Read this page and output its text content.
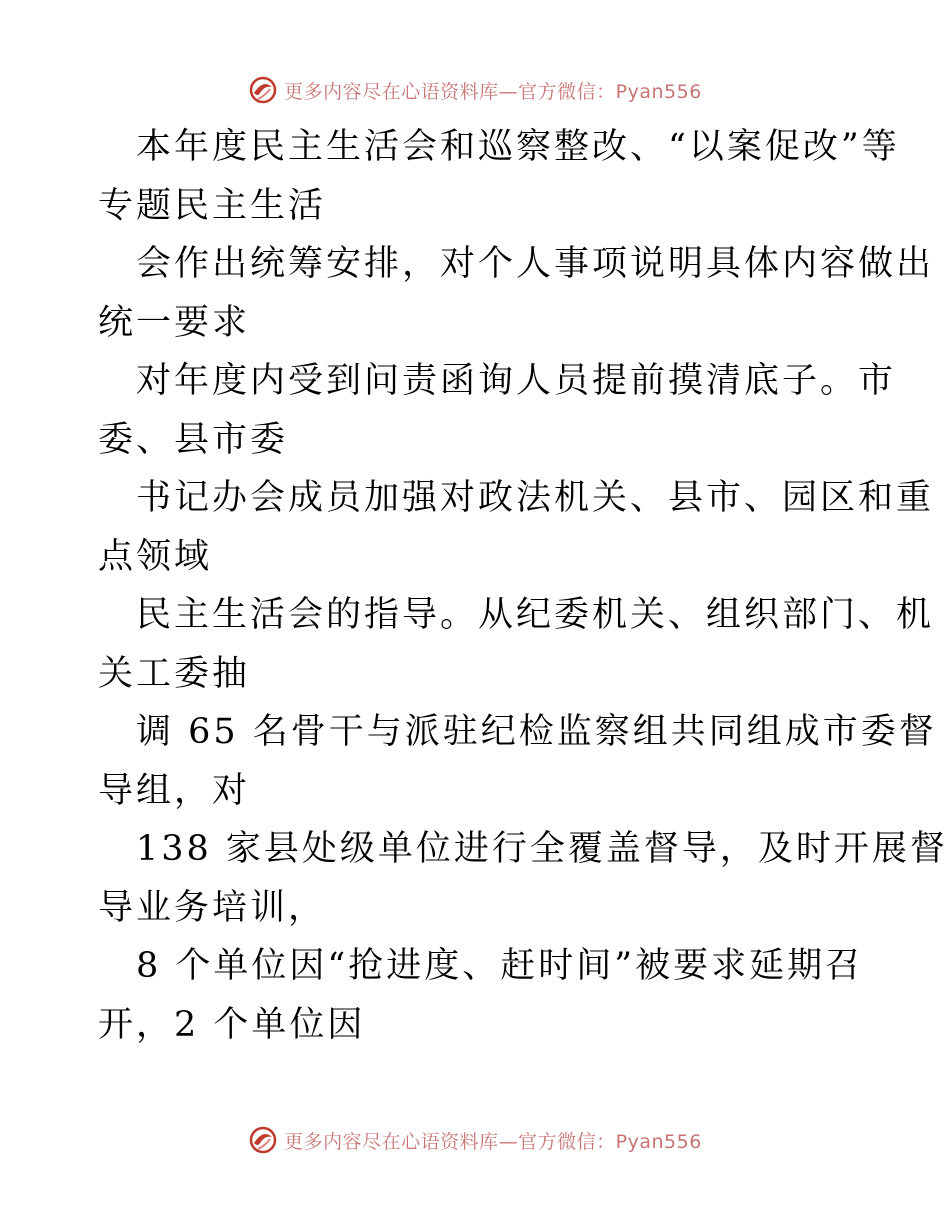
更多内容尽在心语资料库—官方微信：Pyan556
本年度民主生活会和巡察整改、“以案促改”等
专题民主生活
会作出统筹安排，对个人事项说明具体内容做出
统一要求
对年度内受到问责函询人员提前摸清底子。市
委、县市委
书记办会成员加强对政法机关、县市、园区和重
点领域
民主生活会的指导。从纪委机关、组织部门、机
关工委抽
调 65 名骨干与派驻纪检监察组共同组成市委督
导组，对
138 家县处级单位进行全覆盖督导，及时开展督
导业务培训，
8 个单位因“抢进度、赶时间”被要求延期召
开，2 个单位因
更多内容尽在心语资料库—官方微信：Pyan556
